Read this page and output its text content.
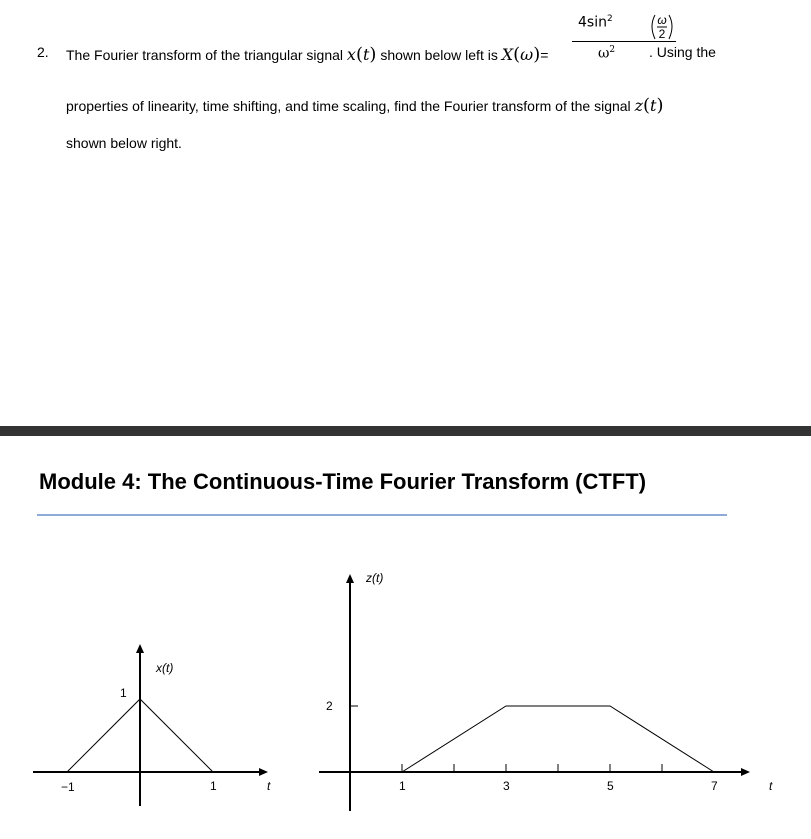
2. The Fourier transform of the triangular signal x(t) shown below left is X(ω)=
$4\sin^2$	ω
2
$\omega^2$ . Using the
properties of linearity, time shifting, and time scaling, find the Fourier transform of the signal z(t)
shown below right.
Module 4: The Continuous-Time Fourier Transform (CTFT)
x(t)
t
−1	1
1
z(t)
t
1	3	5	7
2
